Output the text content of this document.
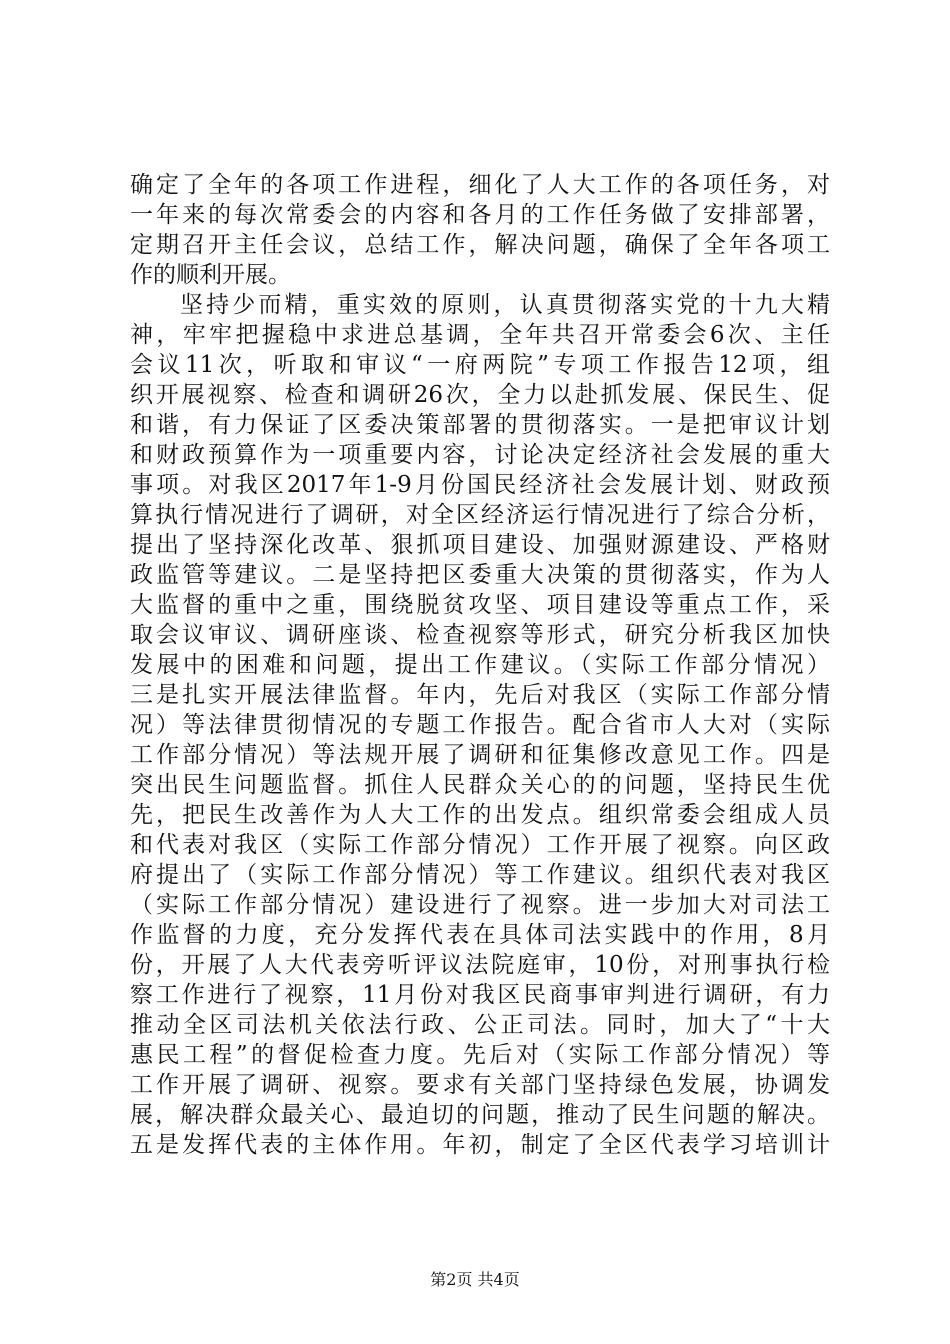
确定了全年的各项工作进程，细化了人大工作的各项任务，对
一年来的每次常委会的内容和各月的工作任务做了安排部署，
定期召开主任会议，总结工作，解决问题，确保了全年各项工
作的顺利开展。
坚持少而精，重实效的原则，认真贯彻落实党的十九大精
神，牢牢把握稳中求进总基调，全年共召开常委会6次、主任
会议11次，听取和审议“一府两院”专项工作报告12项，组
织开展视察、检查和调研26次，全力以赴抓发展、保民生、促
和谐，有力保证了区委决策部署的贯彻落实。一是把审议计划
和财政预算作为一项重要内容，讨论决定经济社会发展的重大
事项。对我区2017年1-9月份国民经济社会发展计划、财政预
算执行情况进行了调研，对全区经济运行情况进行了综合分析，
提出了坚持深化改革、狠抓项目建设、加强财源建设、严格财
政监管等建议。二是坚持把区委重大决策的贯彻落实，作为人
大监督的重中之重，围绕脱贫攻坚、项目建设等重点工作，采
取会议审议、调研座谈、检查视察等形式，研究分析我区加快
发展中的困难和问题，提出工作建议。（实际工作部分情况）
三是扎实开展法律监督。年内，先后对我区（实际工作部分情
况）等法律贯彻情况的专题工作报告。配合省市人大对（实际
工作部分情况）等法规开展了调研和征集修改意见工作。四是
突出民生问题监督。抓住人民群众关心的的问题，坚持民生优
先，把民生改善作为人大工作的出发点。组织常委会组成人员
和代表对我区（实际工作部分情况）工作开展了视察。向区政
府提出了（实际工作部分情况）等工作建议。组织代表对我区
（实际工作部分情况）建设进行了视察。进一步加大对司法工
作监督的力度，充分发挥代表在具体司法实践中的作用，8月
份，开展了人大代表旁听评议法院庭审，10份，对刑事执行检
察工作进行了视察，11月份对我区民商事审判进行调研，有力
推动全区司法机关依法行政、公正司法。同时，加大了“十大
惠民工程”的督促检查力度。先后对（实际工作部分情况）等
工作开展了调研、视察。要求有关部门坚持绿色发展，协调发
展，解决群众最关心、最迫切的问题，推动了民生问题的解决。
五是发挥代表的主体作用。年初，制定了全区代表学习培训计
第2页 共4页
